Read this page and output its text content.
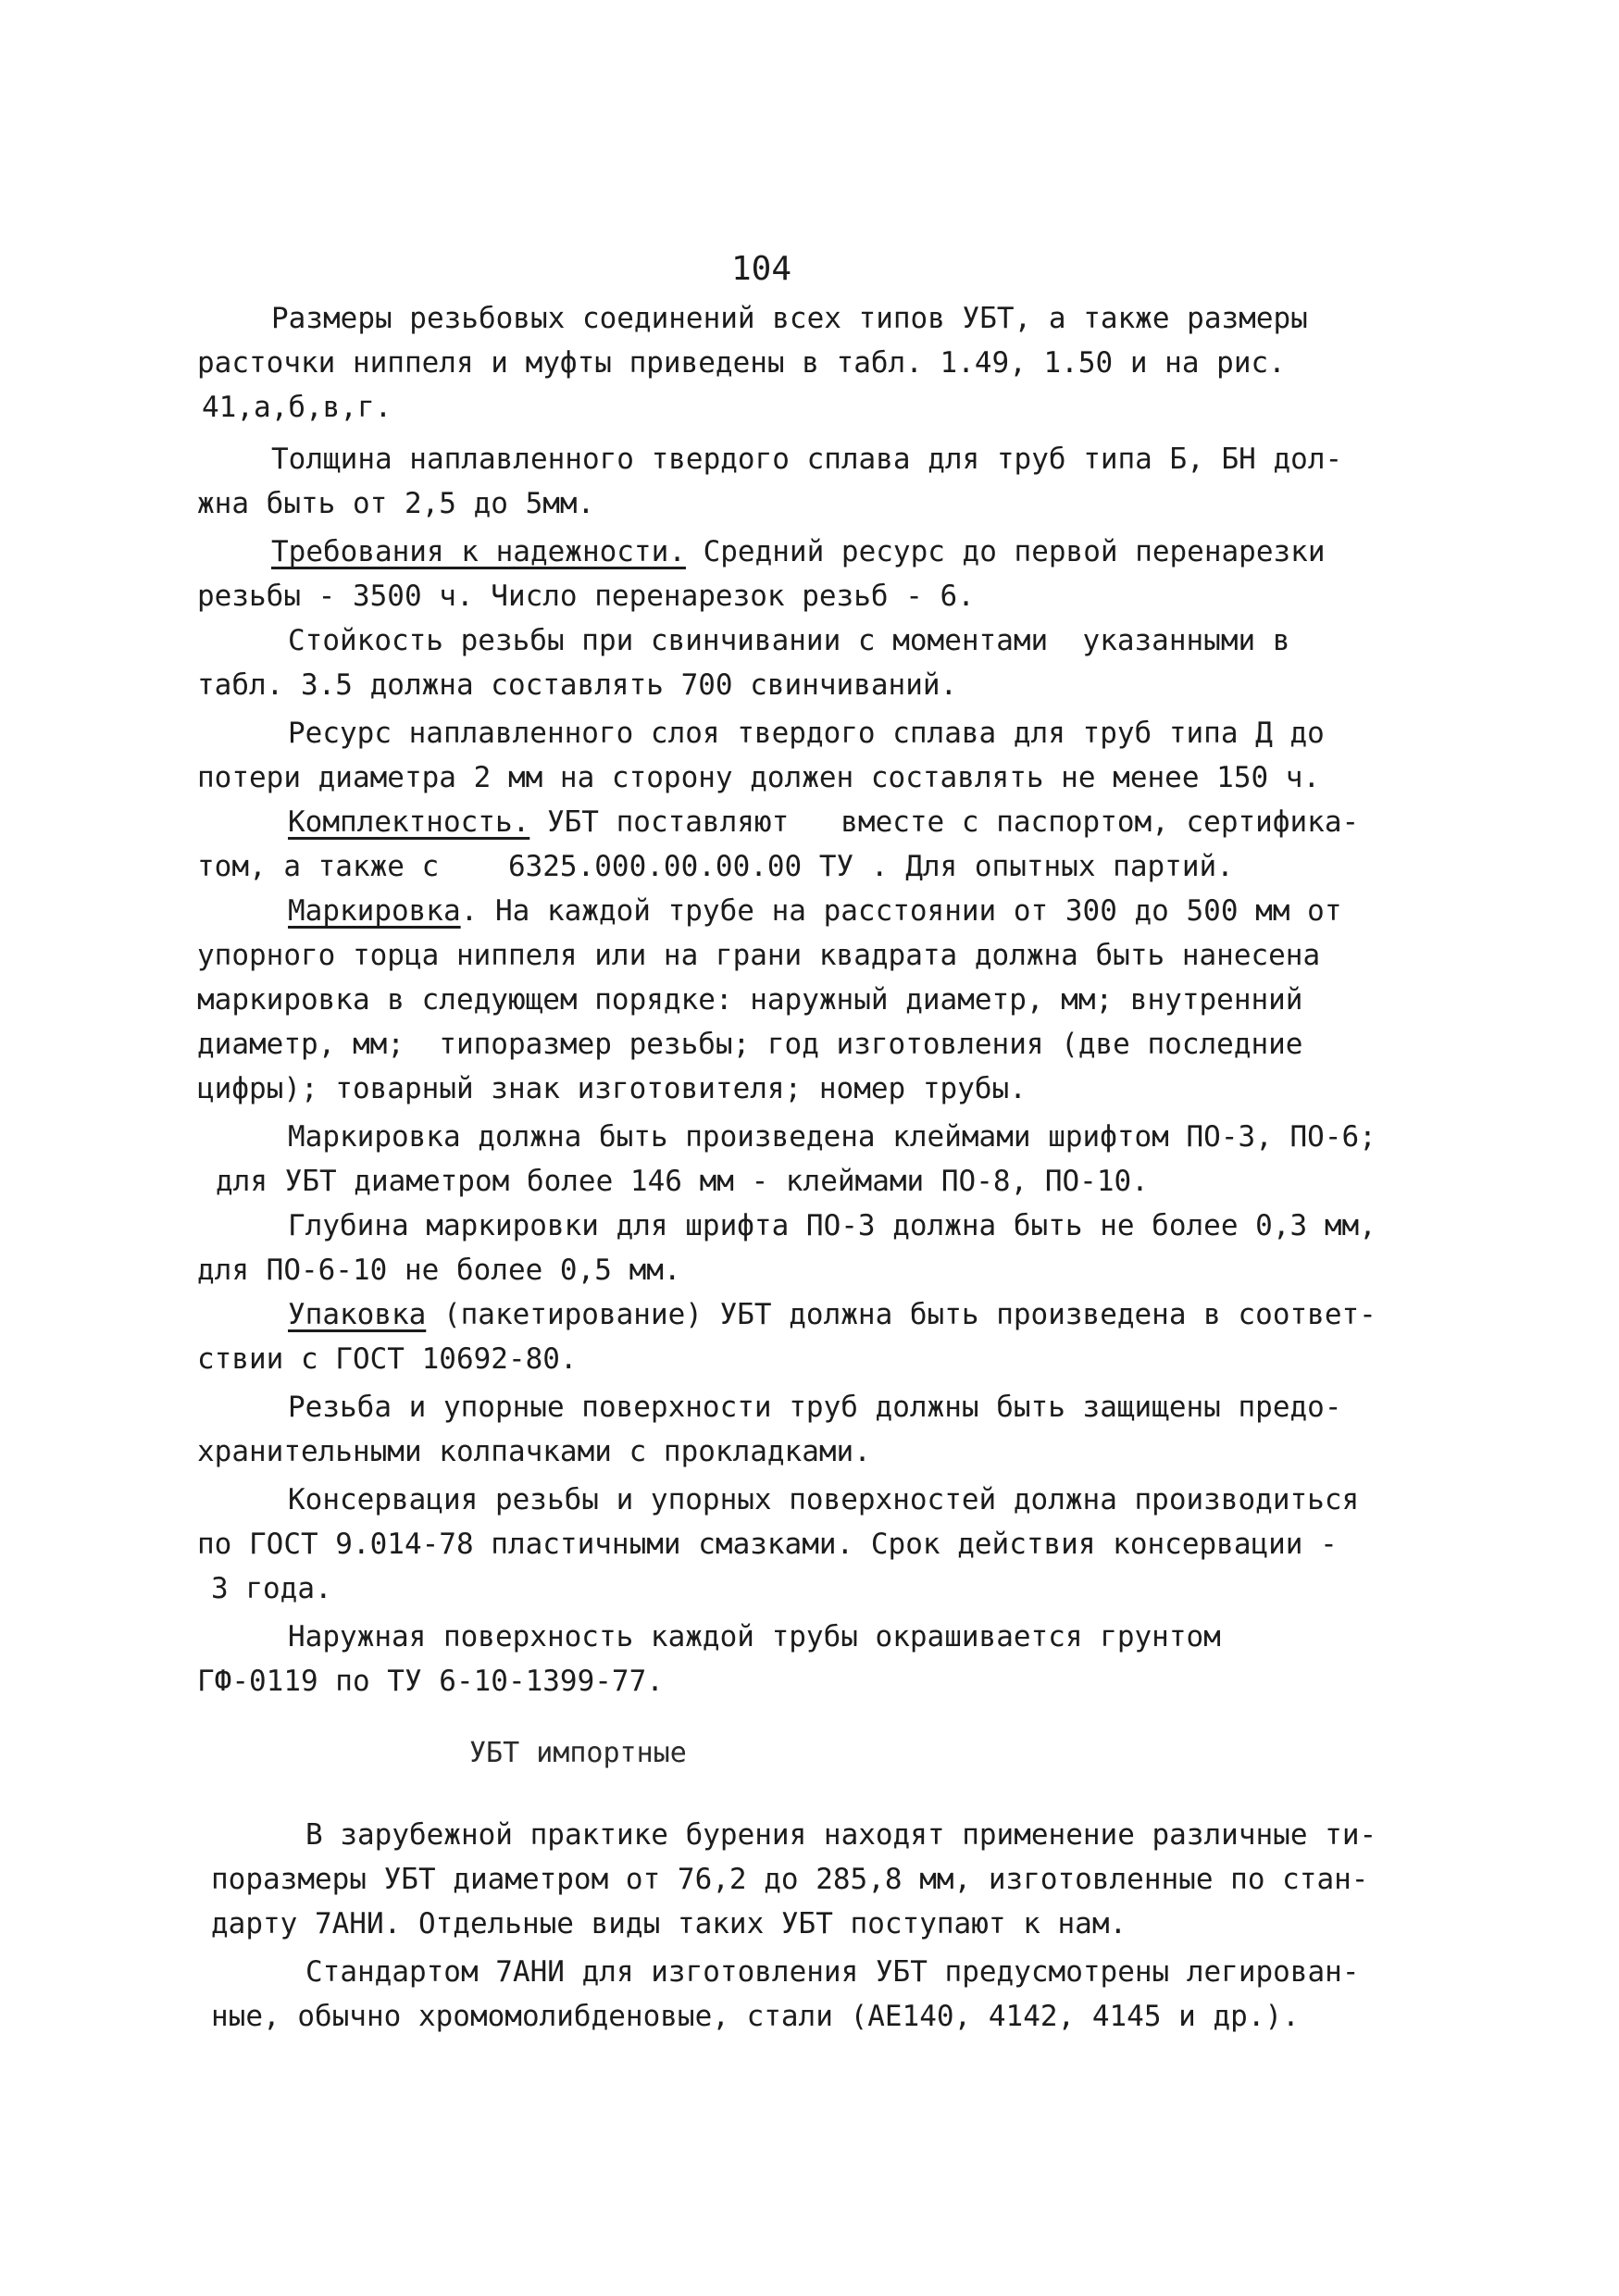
104
Размеры резьбовых соединений всех типов УБТ, а также размеры
расточки ниппеля и муфты приведены в табл. 1.49, 1.50 и на рис.
41,а,б,в,г.
Толщина наплавленного твердого сплава для труб типа Б, БН дол-
жна быть от 2,5 до 5мм.
Требования к надежности. Средний ресурс до первой перенарезки
резьбы - 3500 ч. Число перенарезок резьб - 6.
Стойкость резьбы при свинчивании с моментами  указанными в
табл. 3.5 должна составлять 700 свинчиваний.
Ресурс наплавленного слоя твердого сплава для труб типа Д до
потери диаметра 2 мм на сторону должен составлять не менее 150 ч.
Комплектность. УБТ поставляют   вместе с паспортом, сертифика-
том, а также с    6325.000.00.00.00 ТУ . Для опытных партий.
Маркировка. На каждой трубе на расстоянии от 300 до 500 мм от
упорного торца ниппеля или на грани квадрата должна быть нанесена
маркировка в следующем порядке: наружный диаметр, мм; внутренний
диаметр, мм;  типоразмер резьбы; год изготовления (две последние
цифры); товарный знак изготовителя; номер трубы.
Маркировка должна быть произведена клеймами шрифтом ПО-3, ПО-6;
для УБТ диаметром более 146 мм - клеймами ПО-8, ПО-10.
Глубина маркировки для шрифта ПО-3 должна быть не более 0,3 мм,
для ПО-6-10 не более 0,5 мм.
Упаковка (пакетирование) УБТ должна быть произведена в соответ-
ствии с ГОСТ 10692-80.
Резьба и упорные поверхности труб должны быть защищены предо-
хранительными колпачками с прокладками.
Консервация резьбы и упорных поверхностей должна производиться
по ГОСТ 9.014-78 пластичными смазками. Срок действия консервации -
3 года.
Наружная поверхность каждой трубы окрашивается грунтом
ГФ-0119 по ТУ 6-10-1399-77.
УБТ импортные
В зарубежной практике бурения находят применение различные ти-
поразмеры УБТ диаметром от 76,2 до 285,8 мм, изготовленные по стан-
дарту 7АНИ. Отдельные виды таких УБТ поступают к нам.
Стандартом 7АНИ для изготовления УБТ предусмотрены легирован-
ные, обычно хромомолибденовые, стали (АЕ140, 4142, 4145 и др.).
